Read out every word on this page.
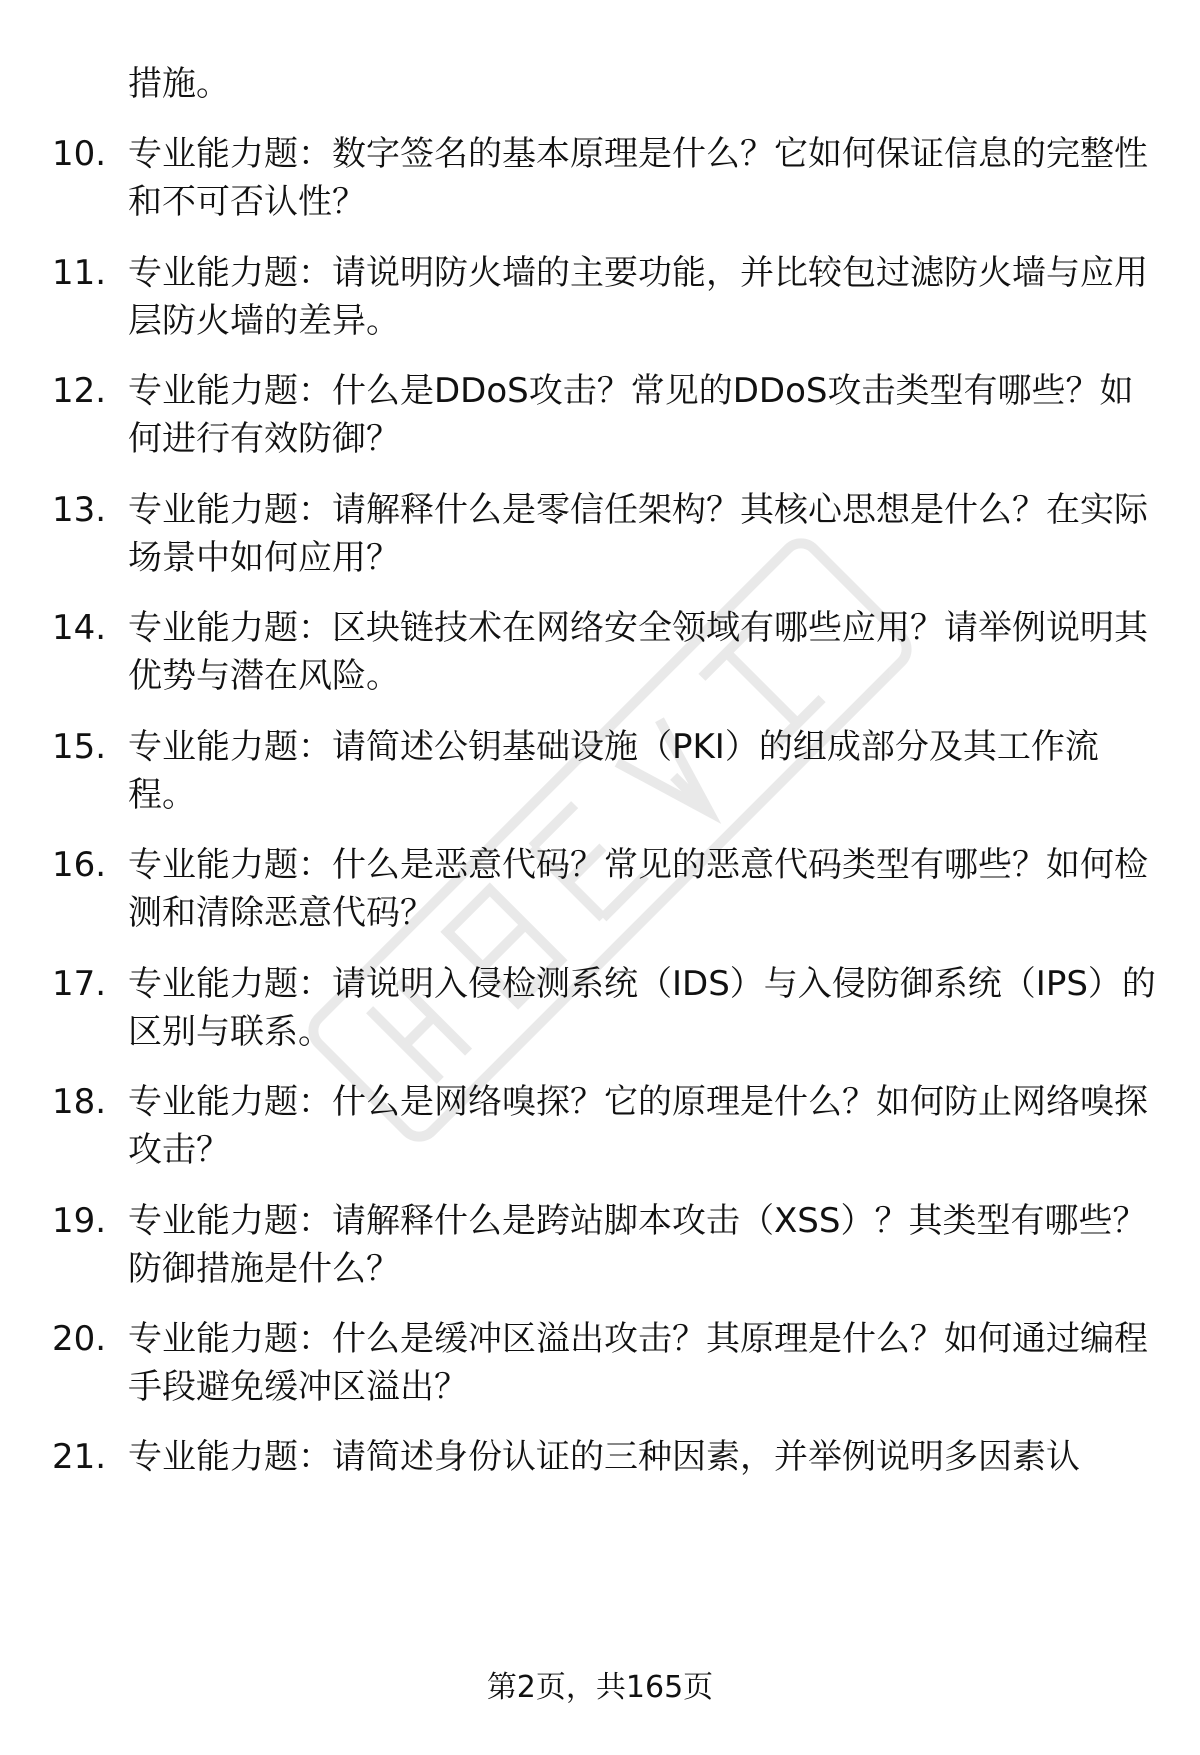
措施。
10. 专业能力题：数字签名的基本原理是什么？它如何保证信息的完整性和不可否认性？
11. 专业能力题：请说明防火墙的主要功能，并比较包过滤防火墙与应用层防火墙的差异。
12. 专业能力题：什么是DDoS攻击？常见的DDoS攻击类型有哪些？如何进行有效防御？
13. 专业能力题：请解释什么是零信任架构？其核心思想是什么？在实际场景中如何应用？
14. 专业能力题：区块链技术在网络安全领域有哪些应用？请举例说明其优势与潜在风险。
15. 专业能力题：请简述公钥基础设施（PKI）的组成部分及其工作流程。
16. 专业能力题：什么是恶意代码？常见的恶意代码类型有哪些？如何检测和清除恶意代码？
17. 专业能力题：请说明入侵检测系统（IDS）与入侵防御系统（IPS）的区别与联系。
18. 专业能力题：什么是网络嗅探？它的原理是什么？如何防止网络嗅探攻击？
19. 专业能力题：请解释什么是跨站脚本攻击（XSS）？其类型有哪些？防御措施是什么？
20. 专业能力题：什么是缓冲区溢出攻击？其原理是什么？如何通过编程手段避免缓冲区溢出？
21. 专业能力题：请简述身份认证的三种因素，并举例说明多因素认
第2页，共165页
